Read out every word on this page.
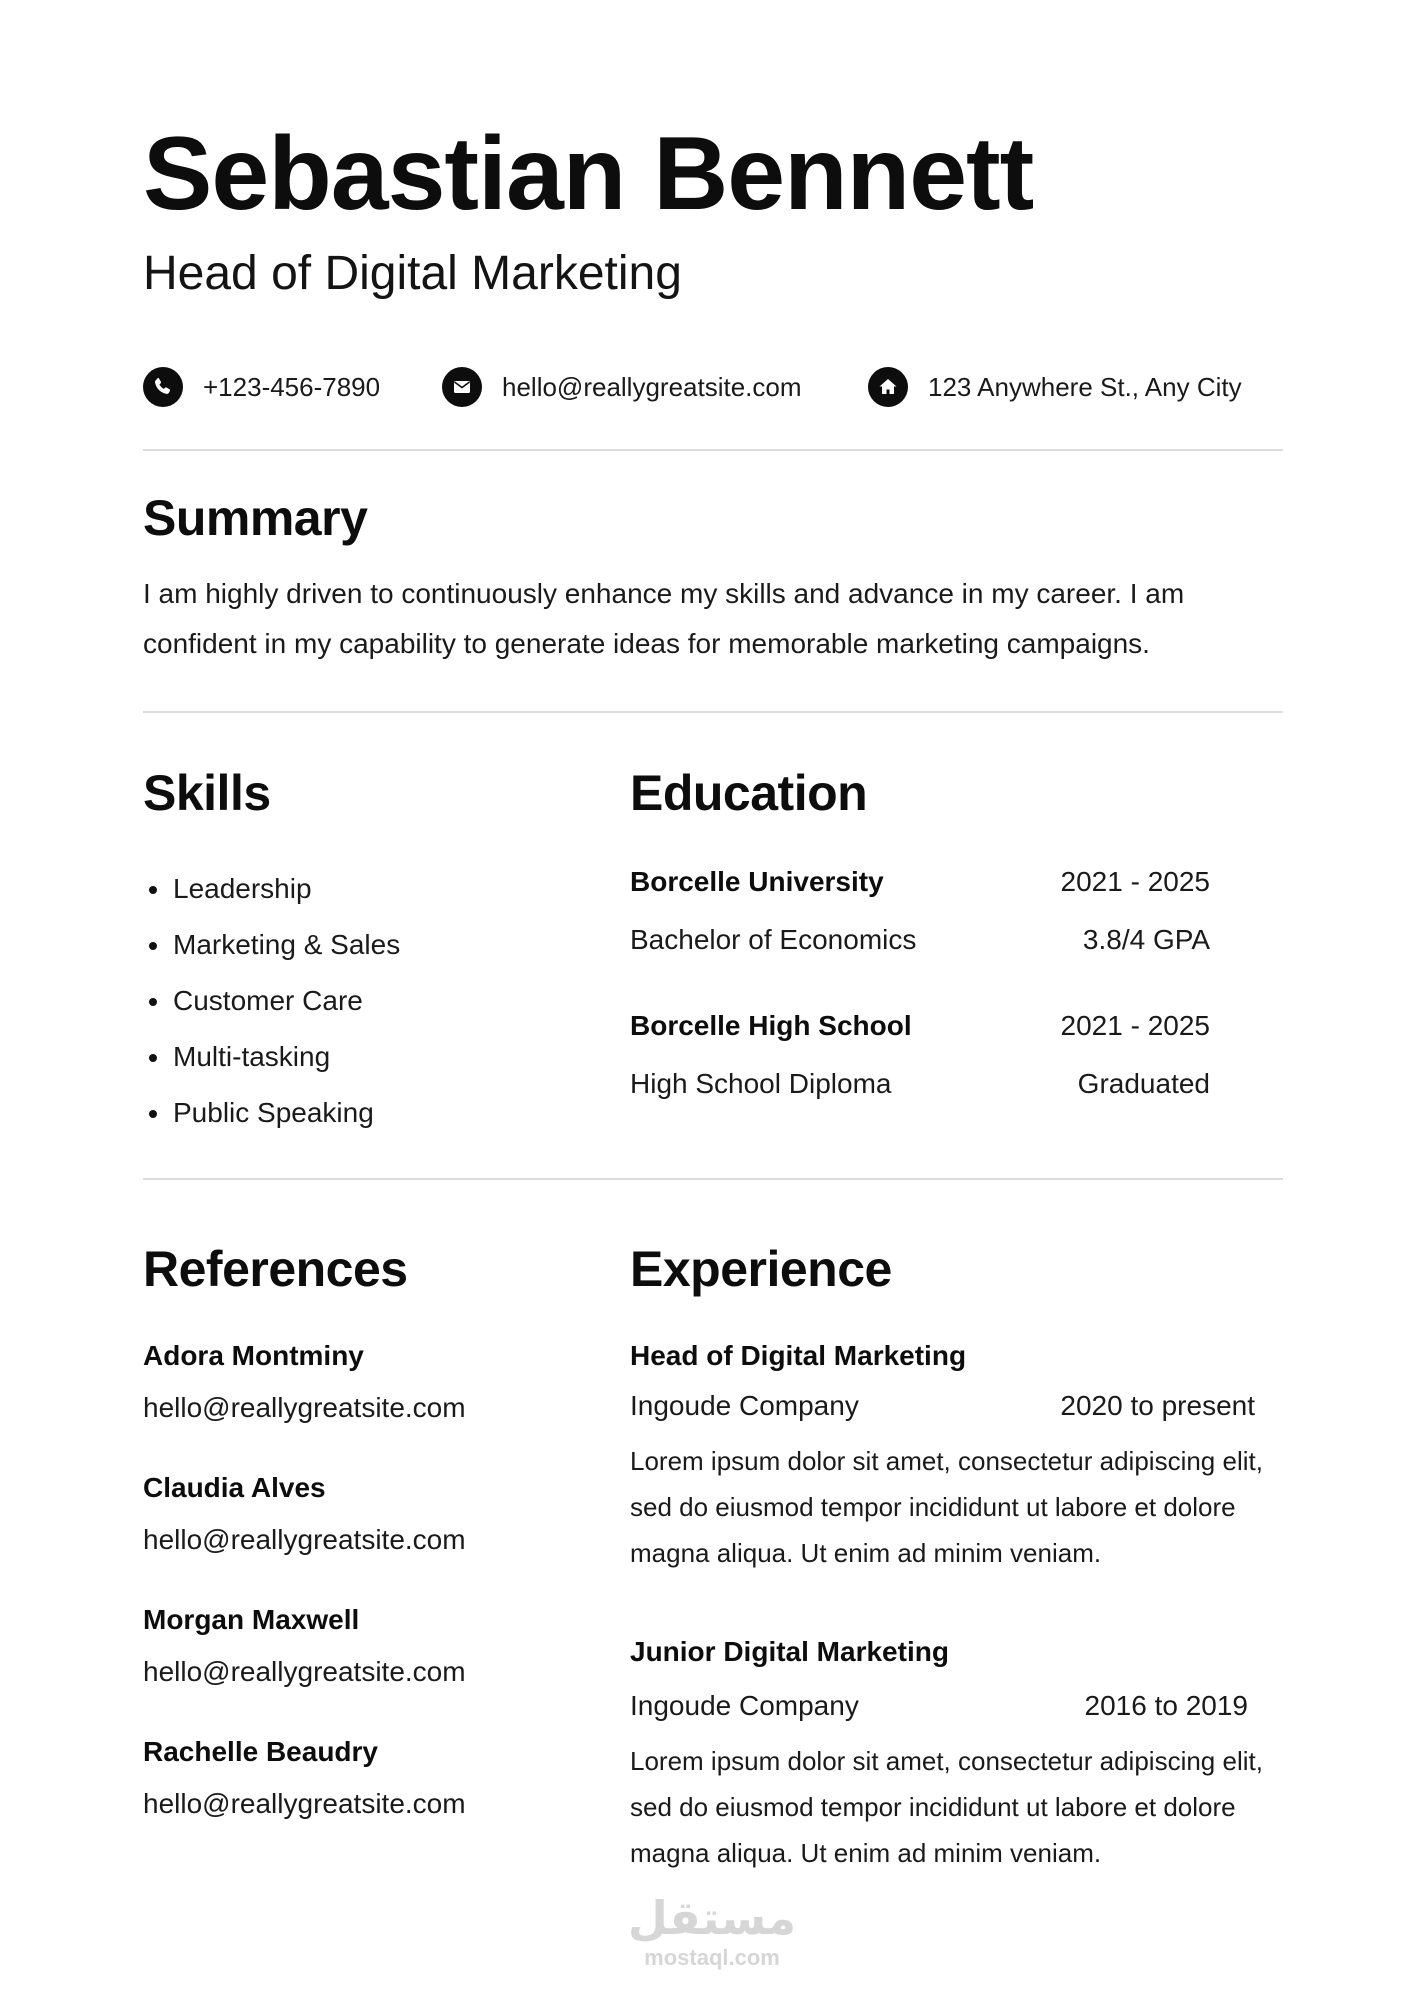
Sebastian Bennett
Head of Digital Marketing
+123-456-7890	hello@reallygreatsite.com	123 Anywhere St., Any City
Summary
I am highly driven to continuously enhance my skills and advance in my career. I am confident in my capability to generate ideas for memorable marketing campaigns.
Skills
Leadership
Marketing & Sales
Customer Care
Multi-tasking
Public Speaking
Education
Borcelle University	2021 - 2025
Bachelor of Economics	3.8/4 GPA
Borcelle High School	2021 - 2025
High School Diploma	Graduated
References
Adora Montminy
hello@reallygreatsite.com
Claudia Alves
hello@reallygreatsite.com
Morgan Maxwell
hello@reallygreatsite.com
Rachelle Beaudry
hello@reallygreatsite.com
Experience
Head of Digital Marketing
Ingoude Company	2020 to present
Lorem ipsum dolor sit amet, consectetur adipiscing elit, sed do eiusmod tempor incididunt ut labore et dolore magna aliqua. Ut enim ad minim veniam.
Junior Digital Marketing
Ingoude Company	2016 to 2019
Lorem ipsum dolor sit amet, consectetur adipiscing elit, sed do eiusmod tempor incididunt ut labore et dolore magna aliqua. Ut enim ad minim veniam.
مستقل
mostaql.com
